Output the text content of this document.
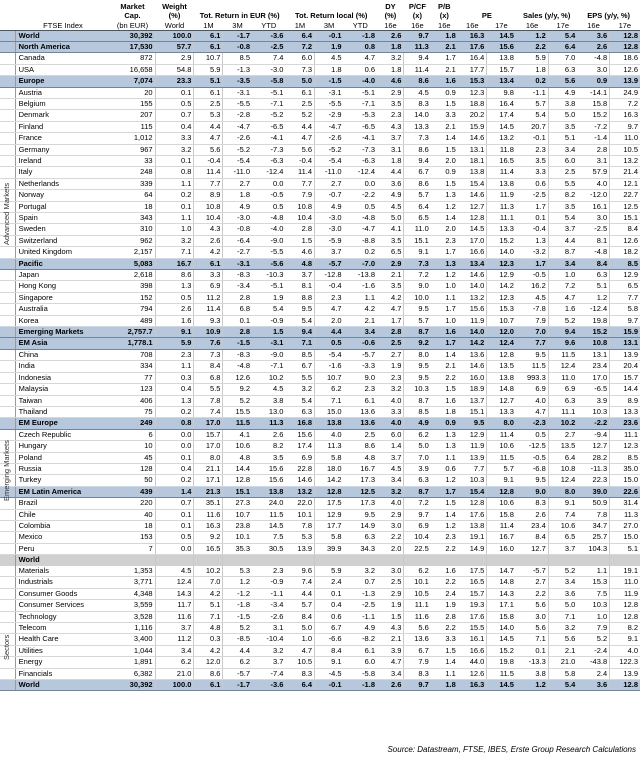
		Market Cap.	Weight (%)	Tot. Return in EUR (%)			Tot. Return local (%)			DY (%)	P/CF (x)	P/B (x)	PE		Sales (y/y, %)		EPS (y/y, %)	
	FTSE Index	(bn EUR)	World	1M	3M	YTD	1M	3M	YTD	16e	16e	16e	16e	17e	16e	17e	16e	17e
	World	30,392	100.0	6.1	-1.7	-3.6	6.4	-0.1	-1.8	2.6	9.7	1.8	16.3	14.5	1.2	5.4	3.6	12.8
	North America	17,530	57.7	6.1	-0.8	-2.5	7.2	1.9	0.8	1.8	11.3	2.1	17.6	15.6	2.2	6.4	2.6	12.8
	Canada	872	2.9	10.7	8.5	7.4	6.0	4.5	4.7	3.2	9.4	1.7	16.4	13.8	5.9	7.0	-4.8	18.6
	USA	16,658	54.8	5.9	-1.3	-3.0	7.3	1.8	0.6	1.8	11.4	2.1	17.7	15.7	1.8	6.3	3.0	12.6
	Europe	7,074	23.3	5.1	-3.5	-5.8	5.0	-1.5	-4.0	4.6	8.6	1.6	15.3	13.4	0.2	5.6	0.9	13.9
	Austria	20	0.1	6.1	-3.1	-5.1	6.1	-3.1	-5.1	2.9	4.5	0.9	12.3	9.8	-1.1	4.9	-14.1	24.9
	Belgium	155	0.5	2.5	-5.5	-7.1	2.5	-5.5	-7.1	3.5	8.3	1.5	18.8	16.4	5.7	3.8	15.8	7.2
	Denmark	207	0.7	5.3	-2.8	-5.2	5.2	-2.9	-5.3	2.3	14.0	3.3	20.2	17.4	5.4	5.0	15.2	16.3
	Finland	115	0.4	4.4	-4.7	-6.5	4.4	-4.7	-6.5	4.3	13.3	2.1	15.9	14.5	20.7	3.5	-7.2	9.7
	France	1,012	3.3	4.7	-2.6	-4.1	4.7	-2.6	-4.1	3.7	7.3	1.4	14.6	13.2	-0.1	5.1	-1.4	11.0
	Germany	967	3.2	5.6	-5.2	-7.3	5.6	-5.2	-7.3	3.1	8.6	1.5	13.1	11.8	2.3	3.4	2.8	10.5
	Ireland	33	0.1	-0.4	-5.4	-6.3	-0.4	-5.4	-6.3	1.8	9.4	2.0	18.1	16.5	3.5	6.0	3.1	13.2
	Italy	248	0.8	11.4	-11.0	-12.4	11.4	-11.0	-12.4	4.4	6.7	0.9	13.8	11.4	3.3	2.5	57.9	21.4
	Netherlands	339	1.1	7.7	2.7	0.0	7.7	2.7	0.0	3.6	8.6	1.5	15.4	13.8	0.6	5.5	4.0	12.1
	Norway	64	0.2	8.9	1.8	-0.5	7.9	-0.7	-2.2	4.9	5.7	1.3	14.6	11.9	-2.5	8.2	-12.0	22.7
	Portugal	18	0.1	10.8	4.9	0.5	10.8	4.9	0.5	4.5	6.4	1.2	12.7	11.3	1.7	3.5	16.1	12.5
	Spain	343	1.1	10.4	-3.0	-4.8	10.4	-3.0	-4.8	5.0	6.5	1.4	12.8	11.1	0.1	5.4	3.0	15.1
	Sweden	310	1.0	4.3	-0.8	-4.0	2.8	-3.0	-4.7	4.1	11.0	2.0	14.5	13.3	-0.4	3.7	-2.5	8.4
	Switzerland	962	3.2	2.6	-6.4	-9.0	1.5	-5.9	-8.8	3.5	15.1	2.3	17.0	15.2	1.3	4.4	8.1	12.6
	United Kingdom	2,157	7.1	4.2	-2.7	-5.5	4.6	3.7	0.2	6.5	9.1	1.7	16.6	14.0	-3.2	8.7	-4.8	18.2
	Pacific	5,083	16.7	6.1	-3.1	-5.6	4.8	-5.7	-7.0	2.9	7.3	1.3	13.4	12.3	1.7	3.4	8.4	8.5
	Japan	2,618	8.6	3.3	-8.3	-10.3	3.7	-12.8	-13.8	2.1	7.2	1.2	14.6	12.9	-0.5	1.0	6.3	12.9
	Hong Kong	398	1.3	6.9	-3.4	-5.1	8.1	-0.4	-1.6	3.5	9.0	1.0	14.0	14.2	16.2	7.2	5.1	6.5
	Singapore	152	0.5	11.2	2.8	1.9	8.8	2.3	1.1	4.2	10.0	1.1	13.2	12.3	4.5	4.7	1.2	7.7
	Australia	794	2.6	11.4	6.8	5.4	9.5	4.7	4.2	4.7	9.5	1.7	15.6	15.3	-7.8	1.6	-12.4	5.8
	Korea	489	1.6	9.3	0.1	-0.9	5.4	2.0	2.1	1.7	5.7	1.0	11.9	10.7	7.9	5.2	19.8	9.7
	Emerging Markets	2,757.7	9.1	10.9	2.8	1.5	9.4	4.4	3.4	2.8	8.7	1.6	14.0	12.0	7.0	9.4	15.2	15.9
	EM Asia	1,778.1	5.9	7.6	-1.5	-3.1	7.1	0.5	-0.6	2.5	9.2	1.7	14.2	12.4	7.7	9.6	10.8	13.1
	China	708	2.3	7.3	-8.3	-9.0	8.5	-5.4	-5.7	2.7	8.0	1.4	13.6	12.8	9.5	11.5	13.1	13.9
	India	334	1.1	8.4	-4.8	-7.1	6.7	-1.6	-3.3	1.9	9.5	2.1	14.6	13.5	11.5	12.4	23.4	20.4
	Indonesia	77	0.3	6.8	12.6	10.2	5.5	10.7	9.0	2.3	9.5	2.2	16.0	13.8	993.3	11.0	17.0	15.7
	Malaysia	123	0.4	5.5	9.2	4.5	3.2	6.2	2.3	3.2	10.3	1.5	18.9	14.8	6.9	6.9	-6.5	14.4
	Taiwan	406	1.3	7.8	5.2	3.8	5.4	7.1	6.1	4.0	8.7	1.6	13.7	12.7	4.0	6.3	3.9	8.9
	Thailand	75	0.2	7.4	15.5	13.0	6.3	15.0	13.6	3.3	8.5	1.8	15.1	13.3	4.7	11.1	10.3	13.3
	EM Europe	249	0.8	17.0	11.5	11.3	16.8	13.8	13.6	4.0	4.9	0.9	9.5	8.0	-2.3	10.2	-2.2	23.6
	Czech Republic	6	0.0	15.7	4.1	2.6	15.6	4.0	2.5	6.0	6.2	1.3	12.9	11.4	0.5	2.7	-9.4	11.1
	Hungary	10	0.0	17.0	10.6	8.2	17.4	11.3	8.6	1.4	5.0	1.3	11.9	10.6	-12.5	13.5	12.7	12.3
	Poland	45	0.1	8.0	4.8	3.5	6.9	5.8	4.8	3.7	7.0	1.1	13.9	11.5	-0.5	6.4	28.2	8.5
	Russia	128	0.4	21.1	14.4	15.6	22.8	18.0	16.7	4.5	3.9	0.6	7.7	5.7	-6.8	10.8	-11.3	35.0
	Turkey	50	0.2	17.1	12.8	15.6	14.6	14.2	17.3	3.4	6.3	1.2	10.3	9.1	9.5	12.4	22.3	15.0
	EM Latin America	439	1.4	21.3	15.1	13.8	13.2	12.8	12.5	3.2	8.7	1.7	15.4	12.8	9.0	8.0	39.0	22.6
	Brazil	220	0.7	35.1	27.3	24.0	22.0	17.5	17.3	4.0	7.2	1.5	12.8	10.6	8.3	9.1	50.9	31.4
	Chile	40	0.1	11.6	10.7	11.5	10.1	12.9	9.5	2.9	9.7	1.4	17.6	15.8	2.6	7.4	7.8	11.3
	Colombia	18	0.1	16.3	23.8	14.5	7.8	17.7	14.9	3.0	6.9	1.2	13.8	11.4	23.4	10.6	34.7	27.0
	Mexico	153	0.5	9.2	10.1	7.5	5.3	5.8	6.3	2.2	10.4	2.3	19.1	16.7	8.4	6.5	25.7	15.0
	Peru	7	0.0	16.5	35.3	30.5	13.9	39.9	34.3	2.0	22.5	2.2	14.9	16.0	12.7	3.7	104.3	5.1
	World																	
	Materials	1,353	4.5	10.2	5.3	2.3	9.6	5.9	3.2	3.0	6.2	1.6	17.5	14.7	-5.7	5.2	1.1	19.1
	Industrials	3,771	12.4	7.0	1.2	-0.9	7.4	2.4	0.7	2.5	10.1	2.2	16.5	14.8	2.7	3.4	15.3	11.0
	Consumer Goods	4,348	14.3	4.2	-1.2	-1.1	4.4	0.1	-1.3	2.9	10.5	2.4	15.7	14.3	2.2	3.6	7.5	11.9
	Consumer Services	3,559	11.7	5.1	-1.8	-3.4	5.7	0.4	-2.5	1.9	11.1	1.9	19.3	17.1	5.6	5.0	10.3	12.8
	Technology	3,528	11.6	7.1	-1.5	-2.6	8.4	0.6	-1.1	1.5	11.6	2.8	17.6	15.8	3.0	7.1	1.0	12.8
	Telecom	1,116	3.7	4.8	5.2	3.1	5.0	6.7	4.9	4.3	5.6	2.2	15.5	14.0	5.6	3.2	7.9	8.2
	Health Care	3,400	11.2	0.3	-8.5	-10.4	1.0	-6.6	-8.2	2.1	13.6	3.3	16.1	14.5	7.1	5.6	5.2	9.1
	Utilities	1,044	3.4	4.2	4.4	3.2	4.7	8.4	6.1	3.9	6.7	1.5	16.6	15.2	0.1	2.1	-2.4	4.0
	Energy	1,891	6.2	12.0	6.2	3.7	10.5	9.1	6.0	4.7	7.9	1.4	44.0	19.8	-13.3	21.0	-43.8	122.3
	Financials	6,382	21.0	8.6	-5.7	-7.4	8.3	-4.5	-5.8	3.4	8.3	1.1	12.6	11.5	3.8	5.8	2.4	13.9
	World	30,392	100.0	6.1	-1.7	-3.6	6.4	-0.1	-1.8	2.6	9.7	1.8	16.3	14.5	1.2	5.4	3.6	12.8
Advanced Markets
Emerging Markets
Sectors
Source: Datastream, FTSE, IBES, Erste Group Research Calculations
